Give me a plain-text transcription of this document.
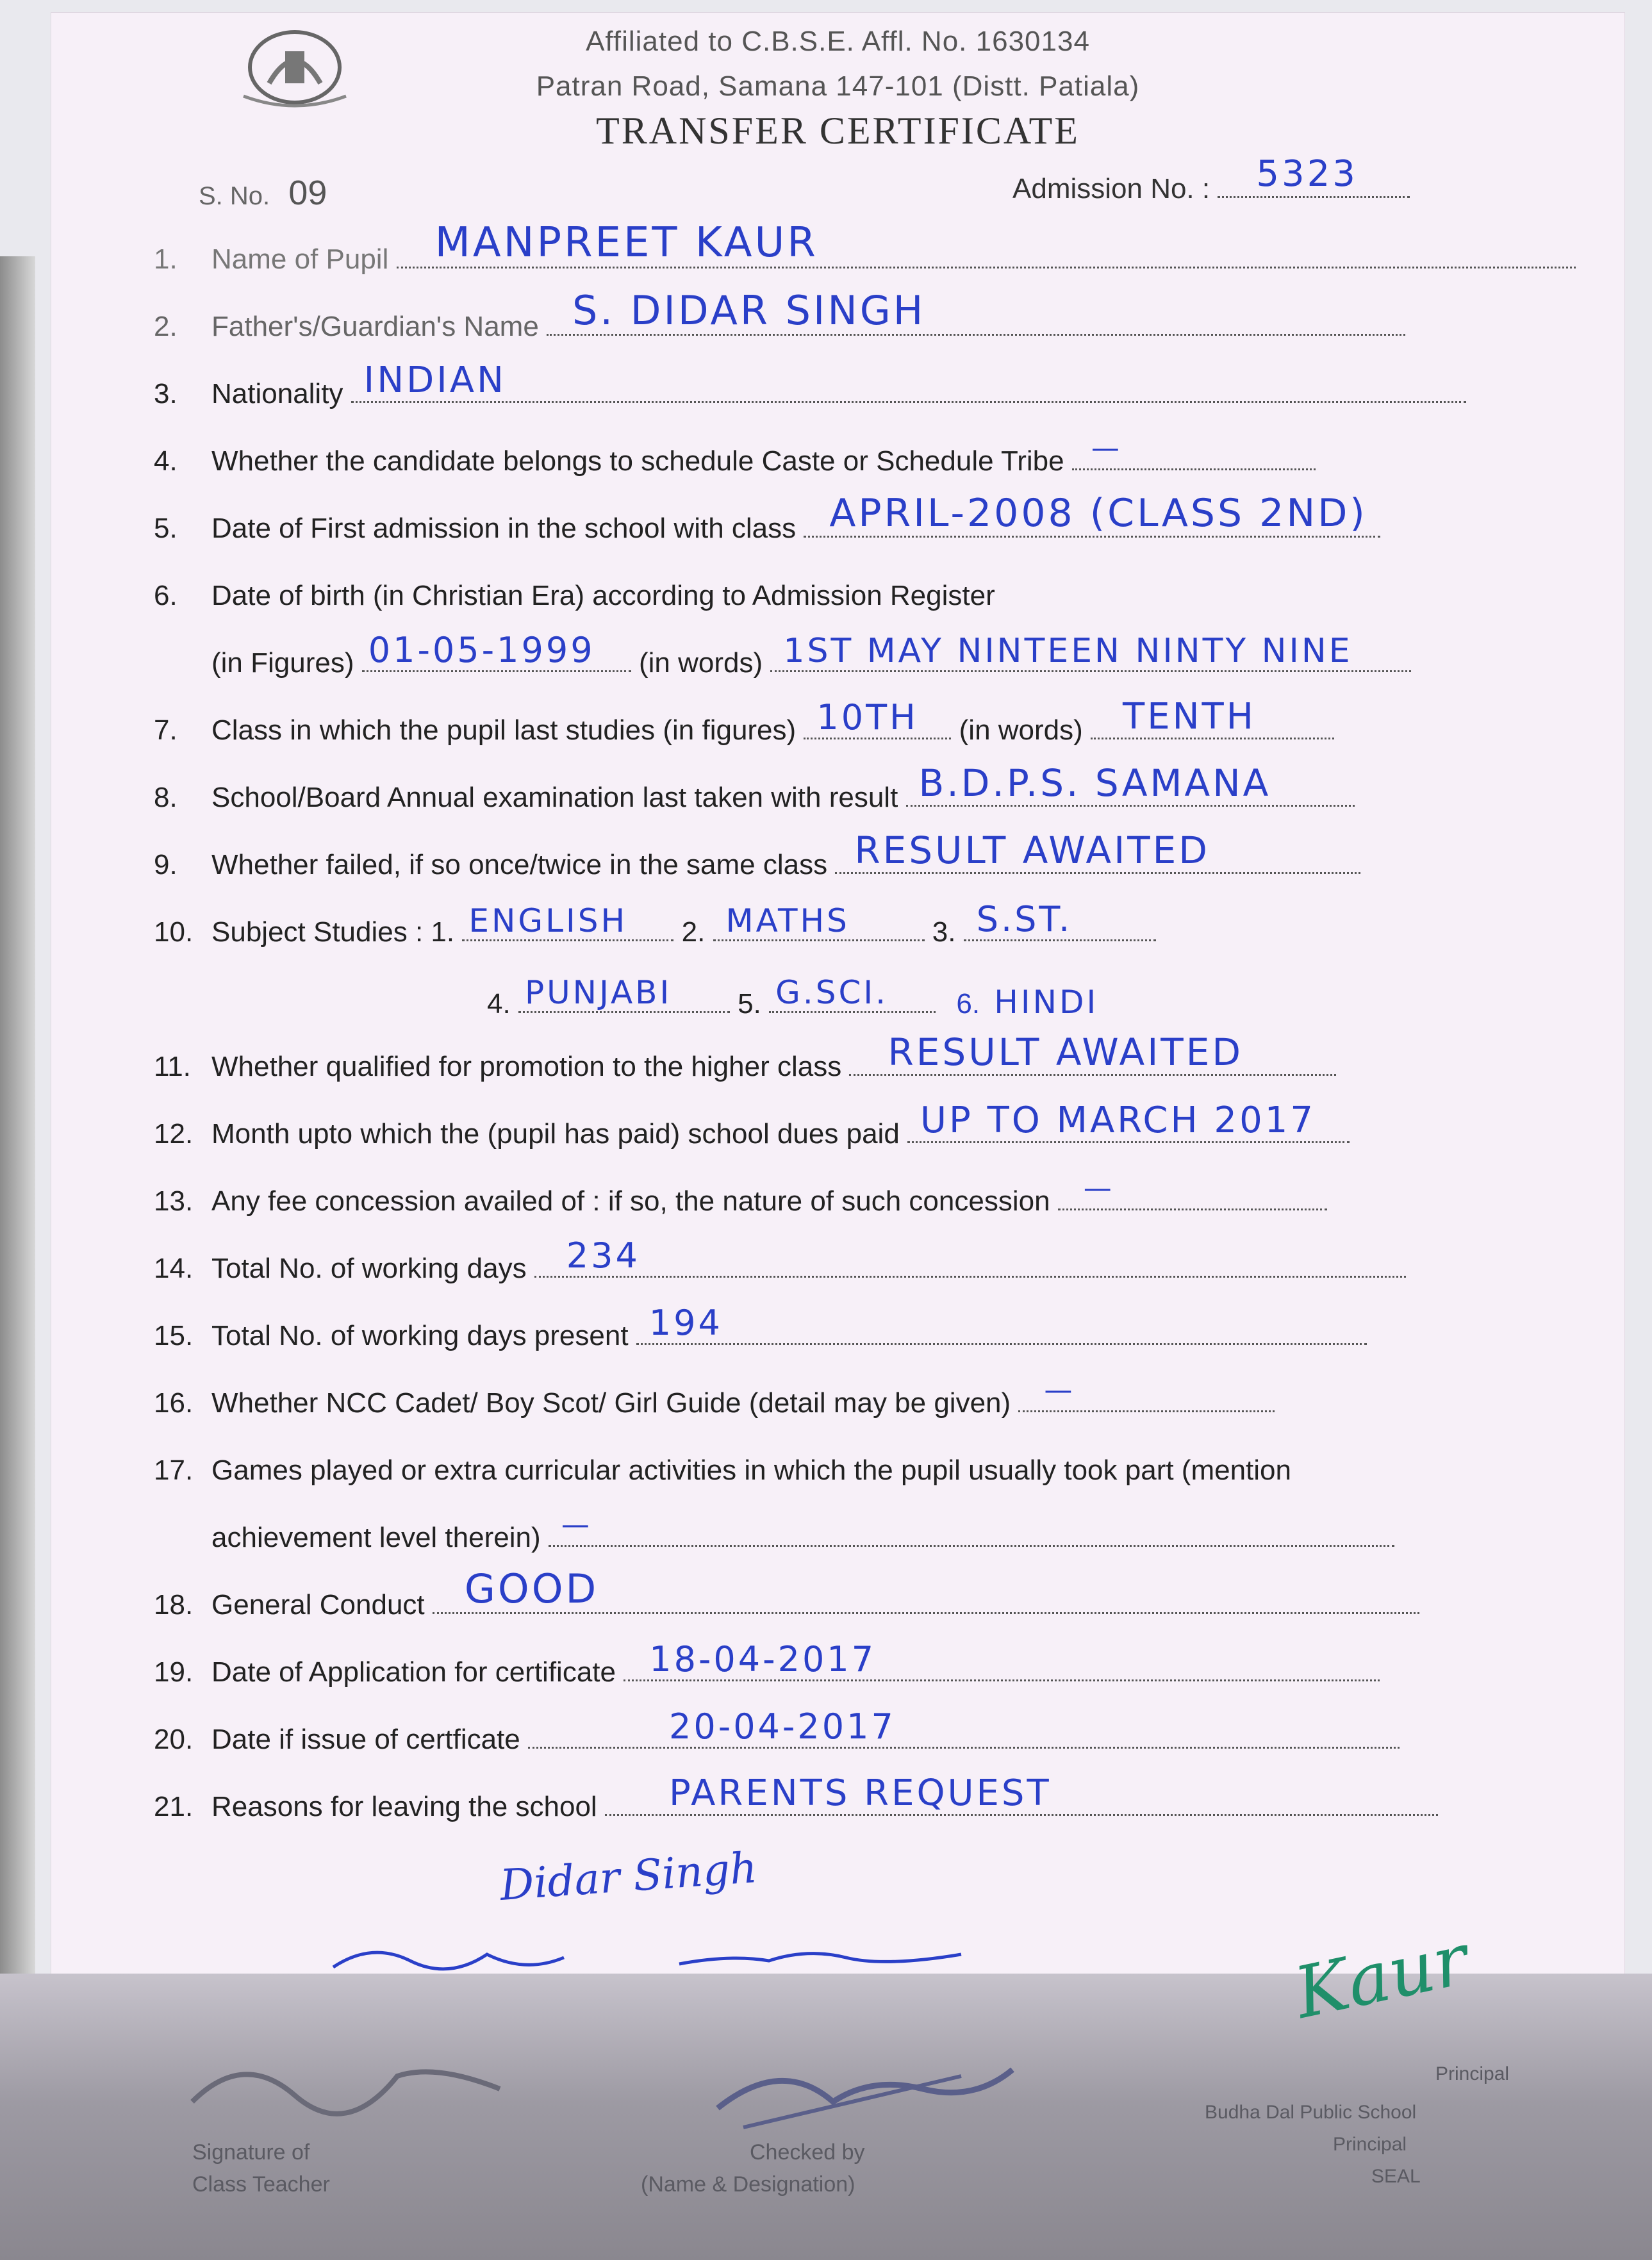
Affiliated to C.B.S.E. Affl. No. 1630134
Patran Road, Samana 147-101 (Distt. Patiala)
TRANSFER CERTIFICATE
S. No. 09	Admission No. : 5323
1. Name of Pupil MANPREET KAUR
2. Father's/Guardian's Name S. DIDAR SINGH
3. Nationality INDIAN
4. Whether the candidate belongs to schedule Caste or Schedule Tribe —
5. Date of First admission in the school with class APRIL-2008 (CLASS 2ND)
6. Date of birth (in Christian Era) according to Admission Register
(in Figures) 01-05-1999 (in words) 1ST MAY NINTEEN NINTY NINE
7. Class in which the pupil last studies (in figures) 10TH (in words) TENTH
8. School/Board Annual examination last taken with result B.D.P.S. SAMANA
9. Whether failed, if so once/twice in the same class RESULT AWAITED
10. Subject Studies : 1. ENGLISH 2. MATHS	3. S.ST.
4. PUNJABI 5. G.SCI. 6. HINDI
11. Whether qualified for promotion to the higher class RESULT AWAITED
12. Month upto which the (pupil has paid) school dues paid UP TO MARCH 2017
13. Any fee concession availed of : if so, the nature of such concession —
14. Total No. of working days 234
15. Total No. of working days present 194
16. Whether NCC Cadet/ Boy Scot/ Girl Guide (detail may be given) —
17. Games played or extra curricular activities in which the pupil usually took part (mention
achievement level therein) —
18. General Conduct GOOD
19. Date of Application for certificate 18-04-2017
20. Date if issue of certficate	20-04-2017
21. Reasons for leaving the school PARENTS REQUEST
Didar Singh
Kaur
Signature of
Class Teacher
Checked by
(Name & Designation)
Principal
Budha Dal Public School
Principal
SEAL
